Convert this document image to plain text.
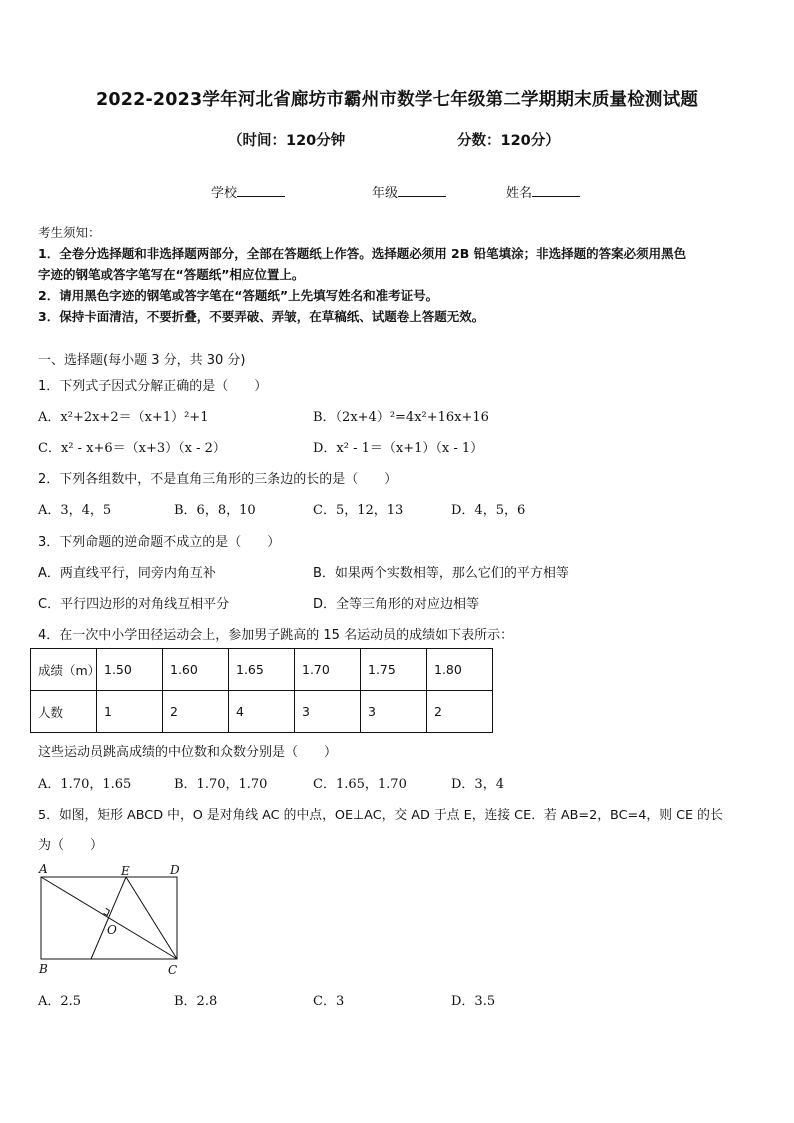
2022-2023学年河北省廊坊市霸州市数学七年级第二学期期末质量检测试题
（时间：120分钟	分数：120分）
学校	年级	姓名
考生须知：
1．全卷分选择题和非选择题两部分，全部在答题纸上作答。选择题必须用 2B 铅笔填涂；非选择题的答案必须用黑色
字迹的钢笔或答字笔写在“答题纸”相应位置上。
2．请用黑色字迹的钢笔或答字笔在“答题纸”上先填写姓名和准考证号。
3．保持卡面清洁，不要折叠，不要弄破、弄皱，在草稿纸、试题卷上答题无效。
一、选择题(每小题 3 分，共 30 分)
1．下列式子因式分解正确的是（　　）
A．x²+2x+2＝（x+1）²+1	B．（2x+4）²=4x²+16x+16
C．x² - x+6＝（x+3）（x - 2）	D．x² - 1＝（x+1）（x - 1）
2．下列各组数中，不是直角三角形的三条边的长的是（　　）
A．3，4，5	B．6，8，10	C．5，12，13	D．4，5，6
3．下列命题的逆命题不成立的是（　　）
A．两直线平行，同旁内角互补	B．如果两个实数相等，那么它们的平方相等
C．平行四边形的对角线互相平分	D．全等三角形的对应边相等
4．在一次中小学田径运动会上，参加男子跳高的 15 名运动员的成绩如下表所示：
成绩（m）	1.50	1.60	1.65	1.70	1.75	1.80
人数	1	2	4	3	3	2
这些运动员跳高成绩的中位数和众数分别是（　　）
A．1.70，1.65	B．1.70，1.70	C．1.65，1.70	D．3，4
5．如图，矩形 ABCD 中，O 是对角线 AC 的中点，OE⊥AC，交 AD 于点 E，连接 CE．若 AB=2，BC=4，则 CE 的长
为（　　）
A	E	D
O
B	C
A．2.5	B．2.8	C．3	D．3.5
